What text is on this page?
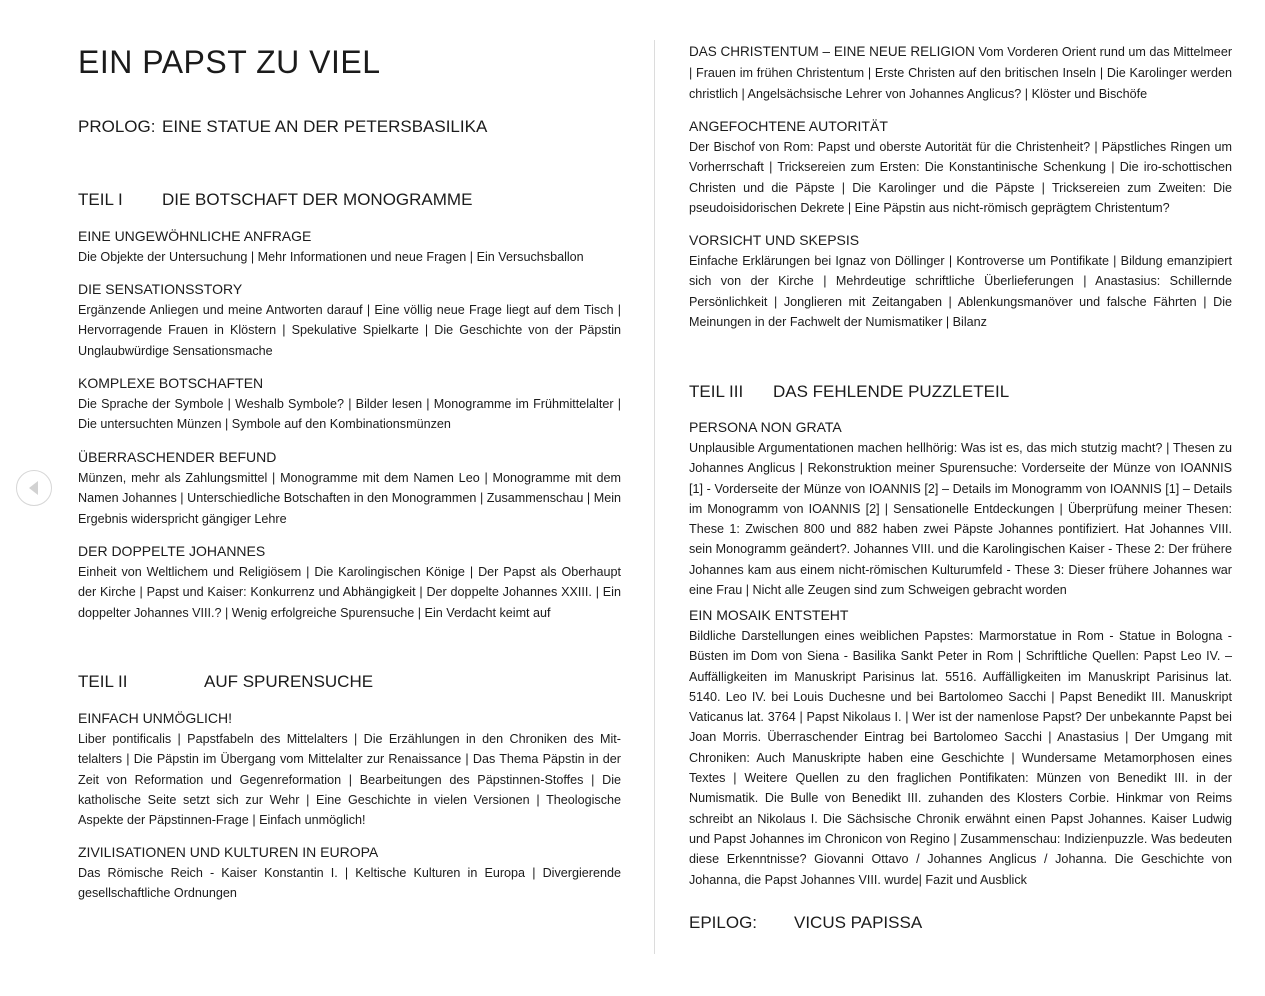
EIN PAPST ZU VIEL
PROLOG: EINE STATUE AN DER PETERSBASILIKA
TEIL I DIE BOTSCHAFT DER MONOGRAMME
EINE UNGEWÖHNLICHE ANFRAGE
Die Objekte der Untersuchung | Mehr Informationen und neue Fragen | Ein Versuchsballon
DIE SENSATIONSSTORY
Ergänzende Anliegen und meine Antworten darauf | Eine völlig neue Frage liegt auf dem Tisch | Hervorragende Frauen in Klöstern | Spekulative Spielkarte | Die Geschichte von der Päpstin Unglaubwürdige Sensationsmache
KOMPLEXE BOTSCHAFTEN
Die Sprache der Symbole | Weshalb Symbole? | Bilder lesen | Monogramme im Frühmittelalter | Die untersuchten Münzen | Symbole auf den Kombinationsmünzen
ÜBERRASCHENDER BEFUND
Münzen, mehr als Zahlungsmittel | Monogramme mit dem Namen Leo | Monogramme mit dem Namen Johannes | Unterschiedliche Botschaften in den Monogrammen | Zusammenschau | Mein Ergebnis widerspricht gängiger Lehre
DER DOPPELTE JOHANNES
Einheit von Weltlichem und Religiösem | Die Karolingischen Könige | Der Papst als Oberhaupt der Kirche | Papst und Kaiser: Konkurrenz und Abhängigkeit | Der doppelte Johannes XXIII. | Ein doppelter Johannes VIII.? | Wenig erfolgreiche Spurensuche | Ein Verdacht keimt auf
TEIL II	AUF SPURENSUCHE
EINFACH UNMÖGLICH!
Liber pontificalis | Papstfabeln des Mittelalters | Die Erzählungen in den Chroniken des Mittelalters | Die Päpstin im Übergang vom Mittelalter zur Renaissance | Das Thema Päpstin in der Zeit von Reformation und Gegenreformation | Bearbeitungen des Päpstinnen-Stoffes | Die katholische Seite setzt sich zur Wehr | Eine Geschichte in vielen Versionen | Theologische Aspekte der Päpstinnen-Frage | Einfach unmöglich!
ZIVILISATIONEN UND KULTUREN IN EUROPA
Das Römische Reich - Kaiser Konstantin I. | Keltische Kulturen in Europa | Divergierende gesellschaftliche Ordnungen
DAS CHRISTENTUM – EINE NEUE RELIGION Vom Vorderen Orient rund um das Mittelmeer | Frauen im frühen Christentum | Erste Christen auf den britischen Inseln | Die Karolinger werden christlich | Angelsächsische Lehrer von Johannes Anglicus? | Klöster und Bischöfe
ANGEFOCHTENE AUTORITÄT
Der Bischof von Rom: Papst und oberste Autorität für die Christenheit? | Päpstliches Ringen um Vorherrschaft | Tricksereien zum Ersten: Die Konstantinische Schenkung | Die iro-schottischen Christen und die Päpste | Die Karolinger und die Päpste | Tricksereien zum Zweiten: Die pseudoisidorischen Dekrete | Eine Päpstin aus nicht-römisch geprägtem Christentum?
VORSICHT UND SKEPSIS
Einfache Erklärungen bei Ignaz von Döllinger | Kontroverse um Pontifikate | Bildung emanzipiert sich von der Kirche | Mehrdeutige schriftliche Überlieferungen | Anastasius: Schillernde Persönlichkeit | Jonglieren mit Zeitangaben | Ablenkungsmanöver und falsche Fährten | Die Meinungen in der Fachwelt der Numismatiker | Bilanz
TEIL III DAS FEHLENDE PUZZLETEIL
PERSONA NON GRATA
Unplausible Argumentationen machen hellhörig: Was ist es, das mich stutzig macht? | Thesen zu Johannes Anglicus | Rekonstruktion meiner Spurensuche: Vorderseite der Münze von IOANNIS [1] - Vorderseite der Münze von IOANNIS [2] – Details im Monogramm von IOANNIS [1] – Details im Monogramm von IOANNIS [2] | Sensationelle Entdeckungen | Überprüfung meiner Thesen: These 1: Zwischen 800 und 882 haben zwei Päpste Johannes pontifiziert. Hat Johannes VIII. sein Monogramm geändert?. Johannes VIII. und die Karolingischen Kaiser - These 2: Der frühere Johannes kam aus einem nicht-römischen Kulturumfeld - These 3: Dieser frühere Johannes war eine Frau | Nicht alle Zeugen sind zum Schweigen gebracht worden
EIN MOSAIK ENTSTEHT
Bildliche Darstellungen eines weiblichen Papstes: Marmorstatue in Rom - Statue in Bologna - Büsten im Dom von Siena - Basilika Sankt Peter in Rom | Schriftliche Quellen: Papst Leo IV. – Auffälligkeiten im Manuskript Parisinus lat. 5516. Auffälligkeiten im Manuskript Parisinus lat. 5140. Leo IV. bei Louis Duchesne und bei Bartolomeo Sacchi | Papst Benedikt III. Manuskript Vaticanus lat. 3764 | Papst Nikolaus I. | Wer ist der namenlose Papst? Der unbekannte Papst bei Joan Morris. Überraschender Eintrag bei Bartolomeo Sacchi | Anastasius | Der Umgang mit Chroniken: Auch Manuskripte haben eine Geschichte | Wundersame Metamorphosen eines Textes | Weitere Quellen zu den fraglichen Pontifikaten: Münzen von Benedikt III. in der Numismatik. Die Bulle von Benedikt III. zuhanden des Klosters Corbie. Hinkmar von Reims schreibt an Nikolaus I. Die Sächsische Chronik erwähnt einen Papst Johannes. Kaiser Ludwig und Papst Johannes im Chronicon von Regino | Zusammenschau: Indizienpuzzle. Was bedeuten diese Erkenntnisse? Giovanni Ottavo / Johannes Anglicus / Johanna. Die Geschichte von Johanna, die Papst Johannes VIII. wurde| Fazit und Ausblick
EPILOG: VICUS PAPISSA
